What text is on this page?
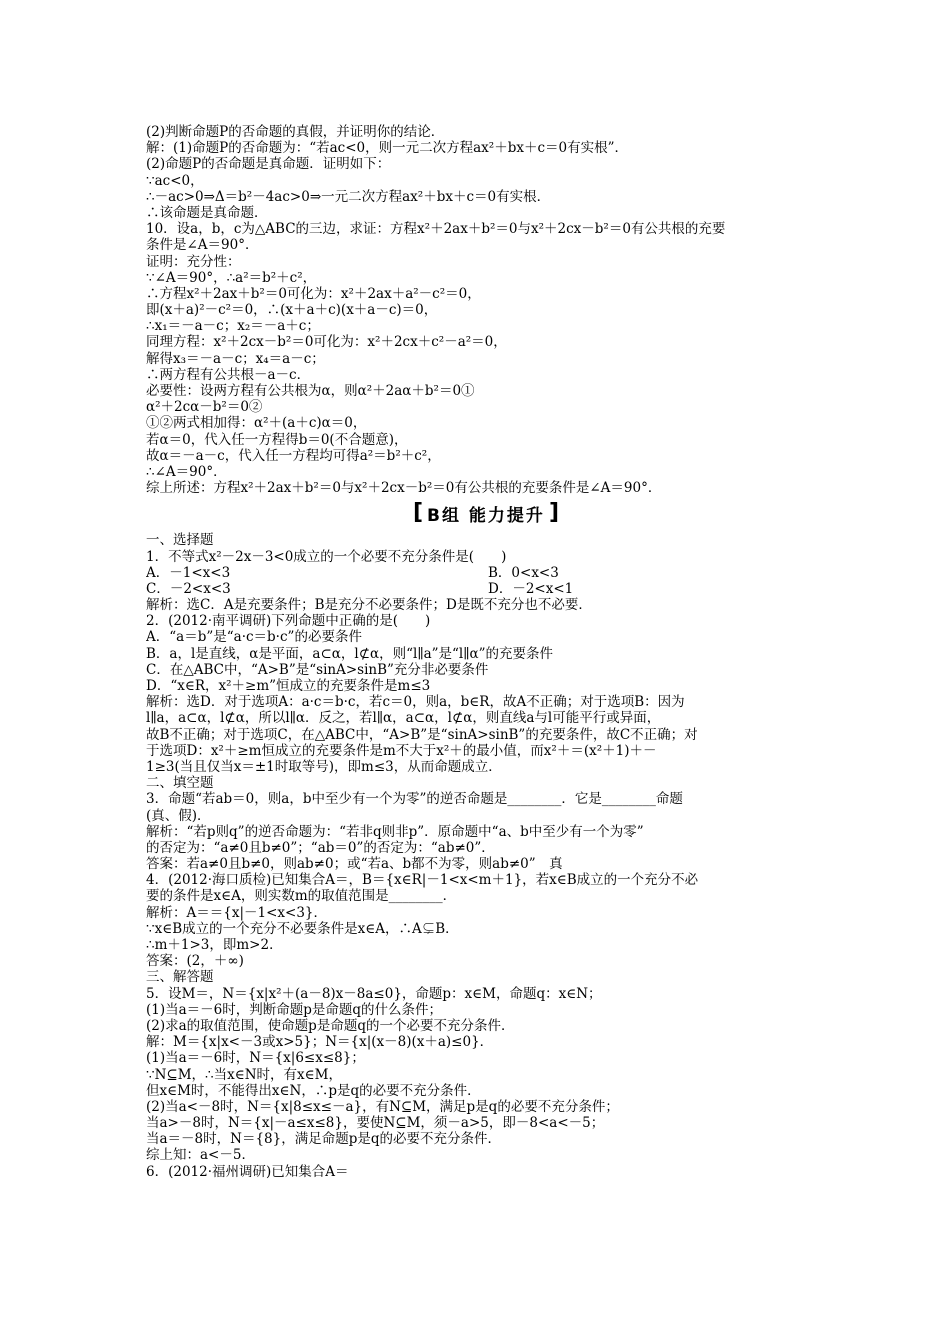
(2)判断命题P的否命题的真假，并证明你的结论．
解：(1)命题P的否命题为：“若ac<0，则一元二次方程ax²＋bx＋c＝0有实根”．
(2)命题P的否命题是真命题．证明如下：
∵ac<0，
∴－ac>0⇒Δ＝b²－4ac>0⇒一元二次方程ax²＋bx＋c＝0有实根．
∴该命题是真命题．
10．设a，b，c为△ABC的三边，求证：方程x²＋2ax＋b²＝0与x²＋2cx－b²＝0有公共根的充要
条件是∠A＝90°．
证明：充分性：
∵∠A＝90°，∴a²＝b²＋c²，
∴方程x²＋2ax＋b²＝0可化为：x²＋2ax＋a²－c²＝0，
即(x＋a)²－c²＝0，∴(x＋a＋c)(x＋a－c)＝0，
∴x₁＝－a－c；x₂＝－a＋c；
同理方程：x²＋2cx－b²＝0可化为：x²＋2cx＋c²－a²＝0，
解得x₃＝－a－c；x₄＝a－c；
∴两方程有公共根－a－c．
必要性：设两方程有公共根为α，则α²＋2aα＋b²＝0①
α²＋2cα－b²＝0②
①②两式相加得：α²＋(a＋c)α＝0，
若α＝0，代入任一方程得b＝0(不合题意)，
故α＝－a－c，代入任一方程均可得a²＝b²＋c²，
∴∠A＝90°．
综上所述：方程x²＋2ax＋b²＝0与x²＋2cx－b²＝0有公共根的充要条件是∠A＝90°．
[ B组 能力提升 ]
一、选择题
1．不等式x²－2x－3<0成立的一个必要不充分条件是(　　)
A．－1<x<3	B．0<x<3
C．－2<x<3	D．－2<x<1
解析：选C．A是充要条件；B是充分不必要条件；D是既不充分也不必要．
2．(2012·南平调研)下列命题中正确的是(　　)
A．“a＝b”是“a·c＝b·c”的必要条件
B．a，l是直线，α是平面，a⊂α，l⊄α，则“l∥a”是“l∥α”的充要条件
C．在△ABC中，“A>B”是“sinA>sinB”充分非必要条件
D．“x∈R，x²＋≥m”恒成立的充要条件是m≤3
解析：选D．对于选项A：a·c＝b·c，若c＝0，则a，b∈R，故A不正确；对于选项B：因为
l∥a，a⊂α，l⊄α，所以l∥α．反之，若l∥α，a⊂α，l⊄α，则直线a与l可能平行或异面，
故B不正确；对于选项C，在△ABC中，“A>B”是“sinA>sinB”的充要条件，故C不正确；对
于选项D：x²＋≥m恒成立的充要条件是m不大于x²＋的最小值，而x²＋＝(x²＋1)＋－
1≥3(当且仅当x＝±1时取等号)，即m≤3，从而命题成立．
二、填空题
3．命题“若ab＝0，则a，b中至少有一个为零”的逆否命题是________．它是________命题
(真、假)．
解析：“若p则q”的逆否命题为：“若非q则非p”．原命题中“a、b中至少有一个为零”
的否定为：“a≠0且b≠0”；“ab＝0”的否定为：“ab≠0”．
答案：若a≠0且b≠0，则ab≠0；或“若a、b都不为零，则ab≠0”　真
4．(2012·海口质检)已知集合A＝，B＝{x∈R|－1<x<m＋1}，若x∈B成立的一个充分不必
要的条件是x∈A，则实数m的取值范围是________．
解析：A＝＝{x|－1<x<3}．
∵x∈B成立的一个充分不必要条件是x∈A，∴A⊊B．
∴m＋1>3，即m>2．
答案：(2，＋∞)
三、解答题
5．设M＝，N＝{x|x²＋(a－8)x－8a≤0}，命题p：x∈M，命题q：x∈N；
(1)当a＝－6时，判断命题p是命题q的什么条件；
(2)求a的取值范围，使命题p是命题q的一个必要不充分条件．
解：M＝{x|x<－3或x>5}；N＝{x|(x－8)(x＋a)≤0}．
(1)当a＝－6时，N＝{x|6≤x≤8}；
∵N⊆M，∴当x∈N时，有x∈M，
但x∈M时，不能得出x∈N，∴p是q的必要不充分条件．
(2)当a<－8时，N＝{x|8≤x≤－a}，有N⊆M，满足p是q的必要不充分条件；
当a>－8时，N＝{x|－a≤x≤8}，要使N⊆M，须－a>5，即－8<a<－5；
当a＝－8时，N＝{8}，满足命题p是q的必要不充分条件．
综上知：a<－5．
6．(2012·福州调研)已知集合A＝
